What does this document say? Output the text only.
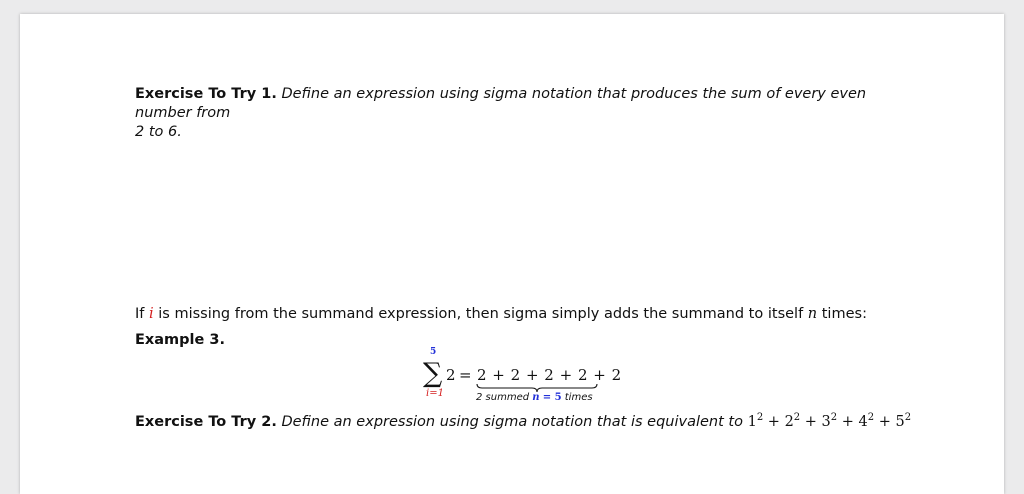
Exercise To Try 1. Define an expression using sigma notation that produces the sum of every even number from
2 to 6.
If i is missing from the summand expression, then sigma simply adds the summand to itself n times:
Example 3.
5
∑
i=1
2 = 2 + 2 + 2 + 2 + 2
2 summed n = 5 times
Exercise To Try 2. Define an expression using sigma notation that is equivalent to $1^2 + 2^2 + 3^2 + 4^2 + 5^2$
